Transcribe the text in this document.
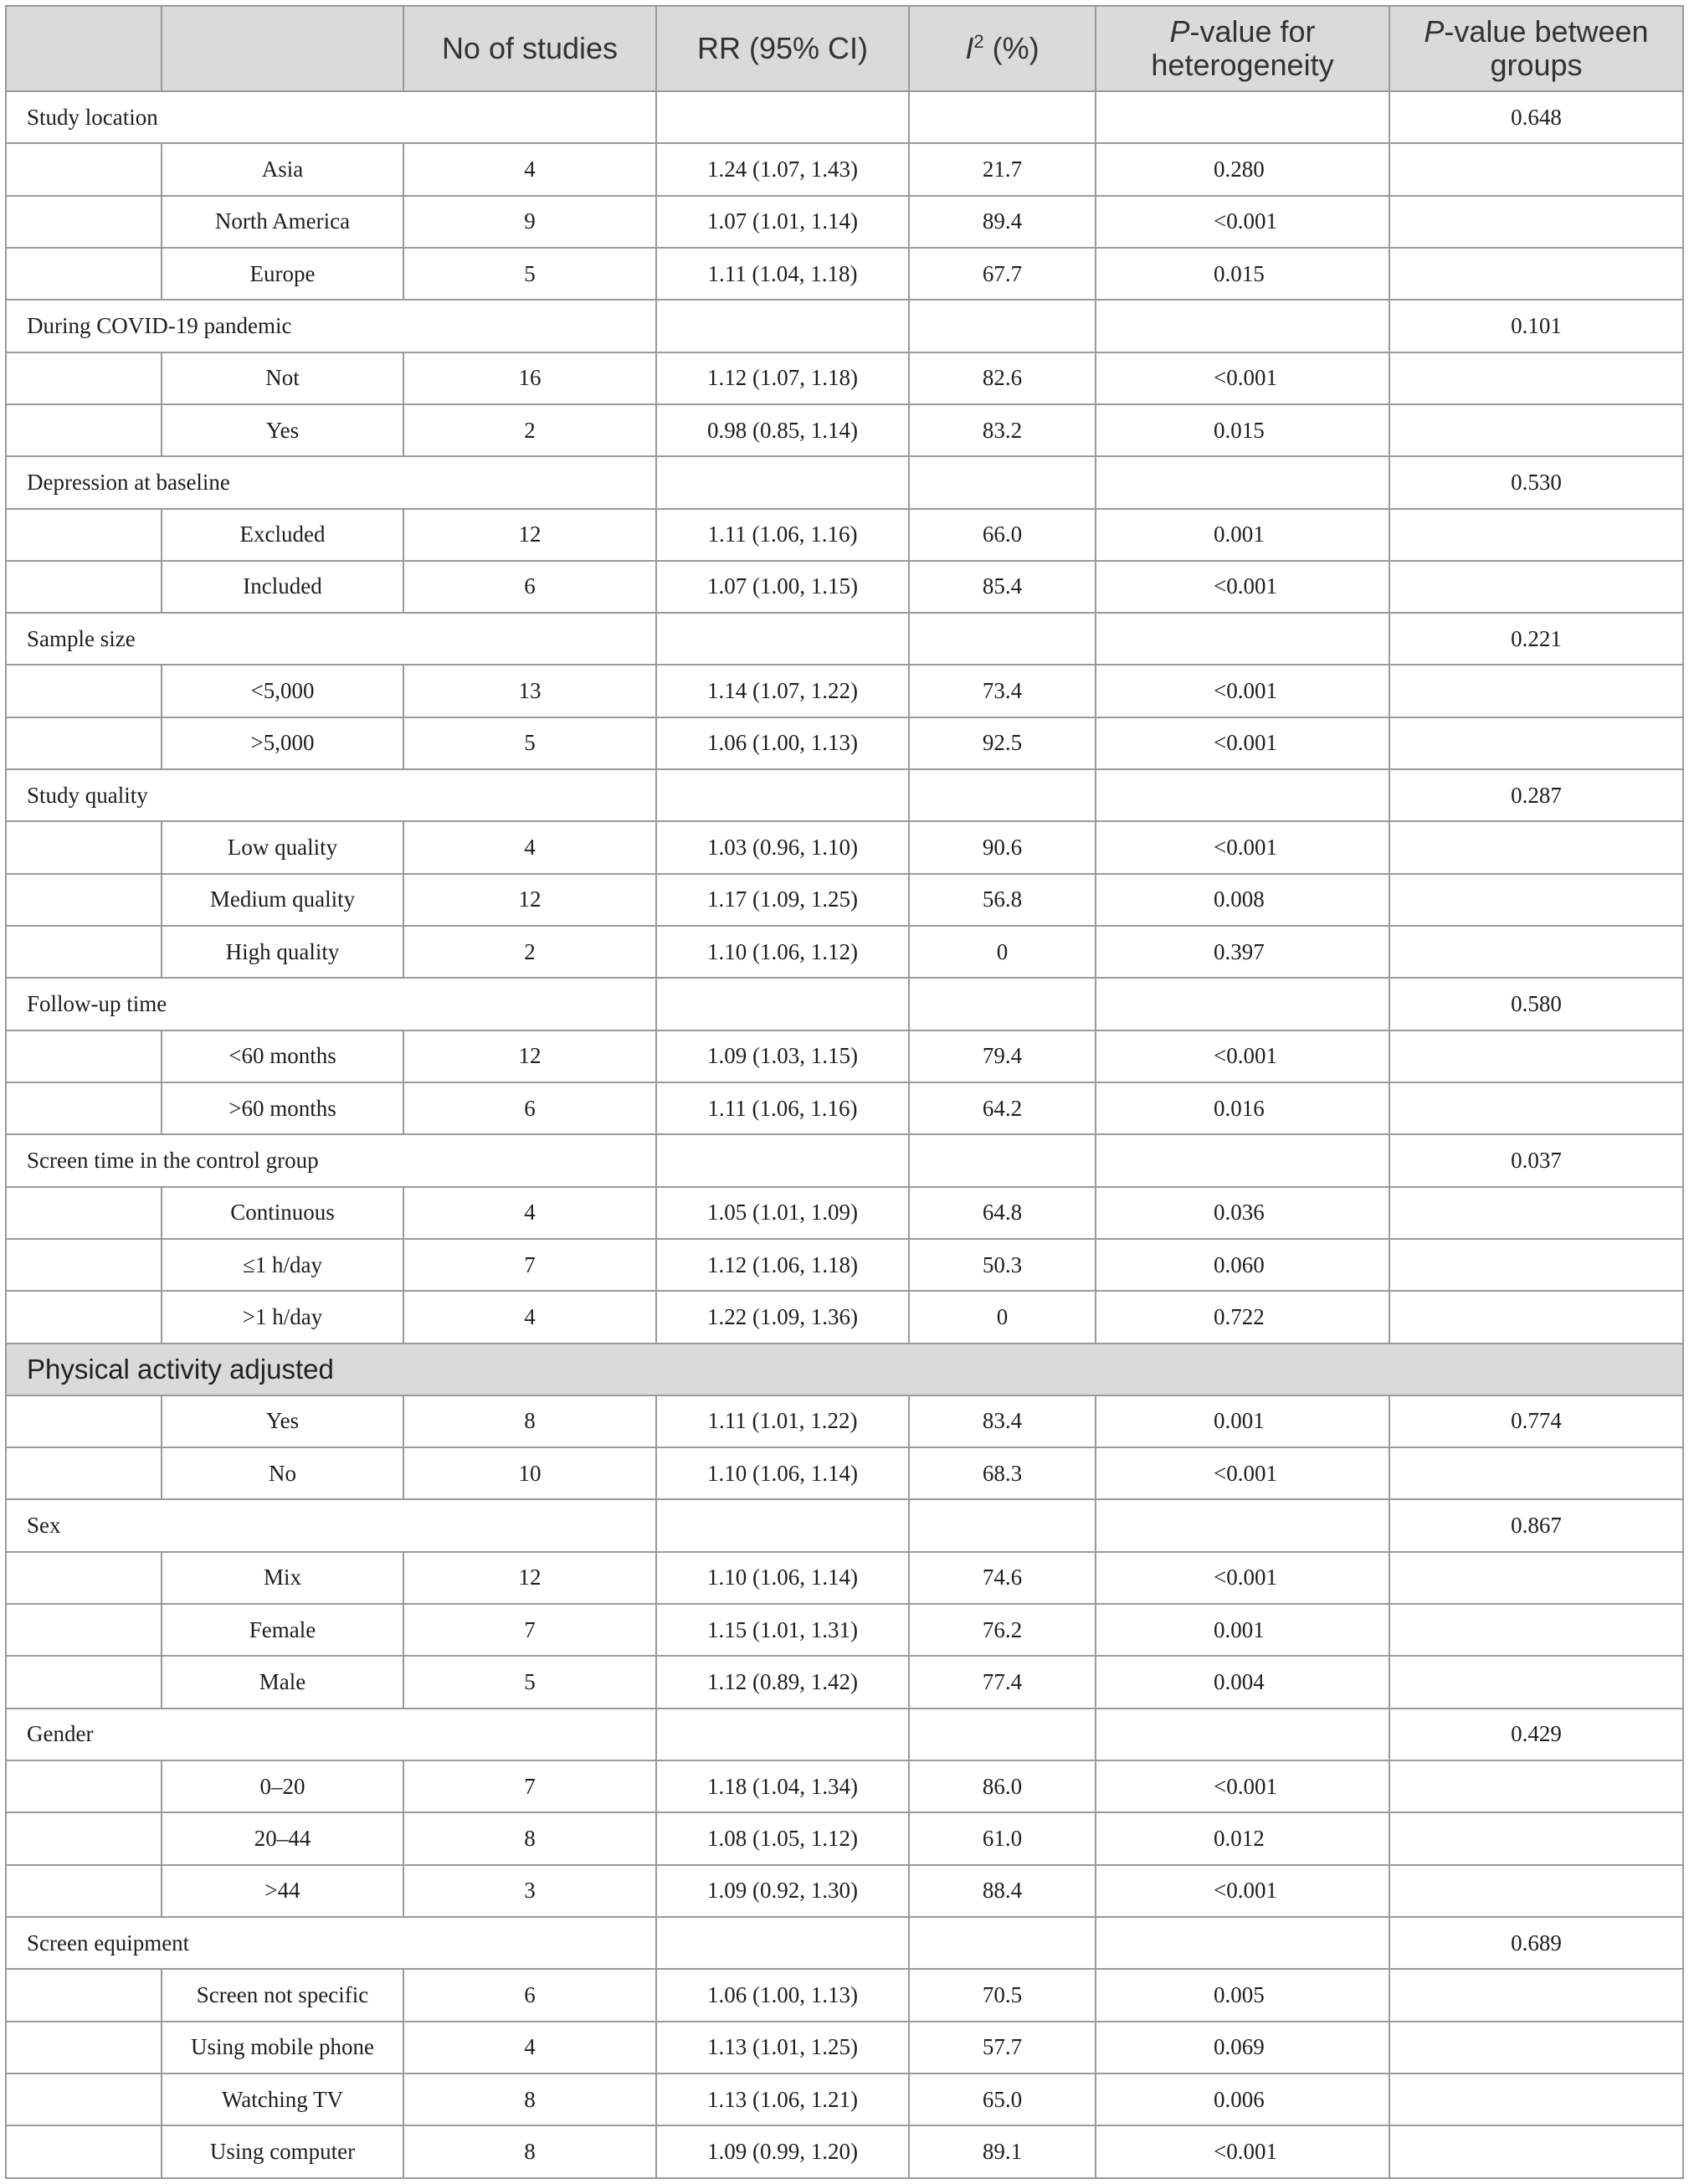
		No of studies	RR (95% CI)	$I^2$ (%)	P-value for heterogeneity	P-value between groups
Study location						0.648
	Asia	4	1.24 (1.07, 1.43)	21.7	0.280	
	North America	9	1.07 (1.01, 1.14)	89.4	<0.001	
	Europe	5	1.11 (1.04, 1.18)	67.7	0.015	
During COVID-19 pandemic						0.101
	Not	16	1.12 (1.07, 1.18)	82.6	<0.001	
	Yes	2	0.98 (0.85, 1.14)	83.2	0.015	
Depression at baseline						0.530
	Excluded	12	1.11 (1.06, 1.16)	66.0	0.001	
	Included	6	1.07 (1.00, 1.15)	85.4	<0.001	
Sample size						0.221
	<5,000	13	1.14 (1.07, 1.22)	73.4	<0.001	
	>5,000	5	1.06 (1.00, 1.13)	92.5	<0.001	
Study quality						0.287
	Low quality	4	1.03 (0.96, 1.10)	90.6	<0.001	
	Medium quality	12	1.17 (1.09, 1.25)	56.8	0.008	
	High quality	2	1.10 (1.06, 1.12)	0	0.397	
Follow-up time						0.580
	<60 months	12	1.09 (1.03, 1.15)	79.4	<0.001	
	>60 months	6	1.11 (1.06, 1.16)	64.2	0.016	
Screen time in the control group						0.037
	Continuous	4	1.05 (1.01, 1.09)	64.8	0.036	
	≤1 h/day	7	1.12 (1.06, 1.18)	50.3	0.060	
	>1 h/day	4	1.22 (1.09, 1.36)	0	0.722	
Physical activity adjusted						
	Yes	8	1.11 (1.01, 1.22)	83.4	0.001	0.774
	No	10	1.10 (1.06, 1.14)	68.3	<0.001	
Sex						0.867
	Mix	12	1.10 (1.06, 1.14)	74.6	<0.001	
	Female	7	1.15 (1.01, 1.31)	76.2	0.001	
	Male	5	1.12 (0.89, 1.42)	77.4	0.004	
Gender						0.429
	0–20	7	1.18 (1.04, 1.34)	86.0	<0.001	
	20–44	8	1.08 (1.05, 1.12)	61.0	0.012	
	>44	3	1.09 (0.92, 1.30)	88.4	<0.001	
Screen equipment						0.689
	Screen not specific	6	1.06 (1.00, 1.13)	70.5	0.005	
	Using mobile phone	4	1.13 (1.01, 1.25)	57.7	0.069	
	Watching TV	8	1.13 (1.06, 1.21)	65.0	0.006	
	Using computer	8	1.09 (0.99, 1.20)	89.1	<0.001	
